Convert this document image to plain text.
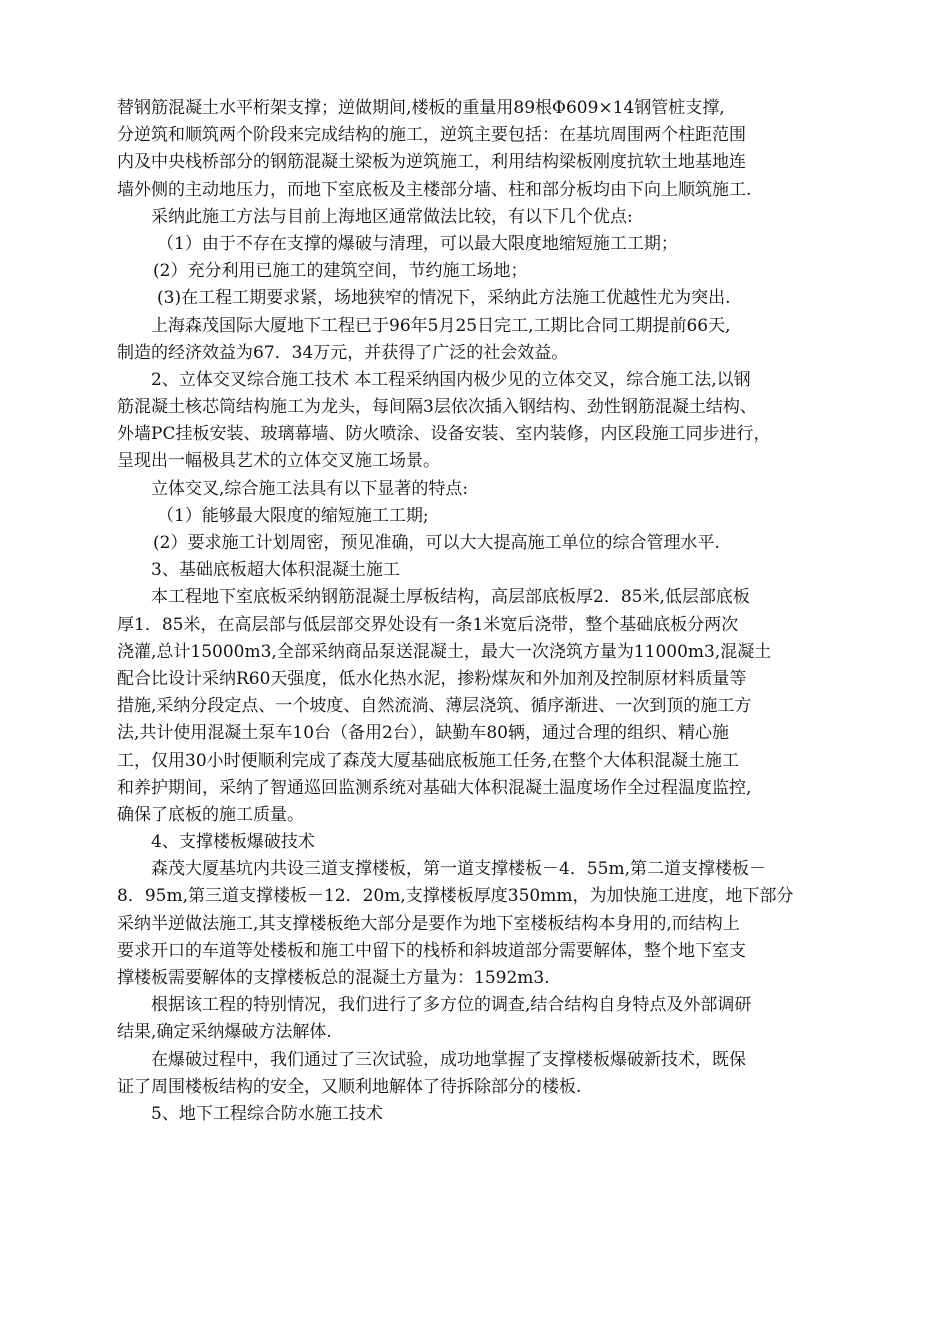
替钢筋混凝土水平桁架支撑；逆做期间,楼板的重量用89根Φ609×14钢管桩支撑,
分逆筑和顺筑两个阶段来完成结构的施工，逆筑主要包括：在基坑周围两个柱距范围
内及中央栈桥部分的钢筋混凝土梁板为逆筑施工，利用结构梁板刚度抗软土地基地连
墙外侧的主动地压力，而地下室底板及主楼部分墙、柱和部分板均由下向上顺筑施工.
采纳此施工方法与目前上海地区通常做法比较，有以下几个优点:
（1）由于不存在支撑的爆破与清理，可以最大限度地缩短施工工期；
(2）充分利用已施工的建筑空间，节约施工场地；
(3)在工程工期要求紧，场地狭窄的情况下，采纳此方法施工优越性尤为突出.
上海森茂国际大厦地下工程已于96年5月25日完工,工期比合同工期提前66天,
制造的经济效益为67．34万元，并获得了广泛的社会效益。
2、立体交叉综合施工技术 本工程采纳国内极少见的立体交叉，综合施工法,以钢
筋混凝土核芯筒结构施工为龙头，每间隔3层依次插入钢结构、劲性钢筋混凝土结构、
外墙PC挂板安装、玻璃幕墙、防火喷涂、设备安装、室内装修，内区段施工同步进行，
呈现出一幅极具艺术的立体交叉施工场景。
立体交叉,综合施工法具有以下显著的特点:
（1）能够最大限度的缩短施工工期;
(2）要求施工计划周密，预见准确，可以大大提高施工单位的综合管理水平.
3、基础底板超大体积混凝土施工
本工程地下室底板采纳钢筋混凝土厚板结构，高层部底板厚2．85米,低层部底板
厚1．85米，在高层部与低层部交界处设有一条1米宽后浇带，整个基础底板分两次
浇灌,总计15000m3,全部采纳商品泵送混凝土，最大一次浇筑方量为11000m3,混凝土
配合比设计采纳R60天强度，低水化热水泥，掺粉煤灰和外加剂及控制原材料质量等
措施,采纳分段定点、一个坡度、自然流淌、薄层浇筑、循序渐进、一次到顶的施工方
法,共计使用混凝土泵车10台（备用2台），缺勤车80辆，通过合理的组织、精心施
工，仅用30小时便顺利完成了森茂大厦基础底板施工任务,在整个大体积混凝土施工
和养护期间，采纳了智通巡回监测系统对基础大体积混凝土温度场作全过程温度监控,
确保了底板的施工质量。
4、支撑楼板爆破技术
森茂大厦基坑内共设三道支撑楼板，第一道支撑楼板－4．55m,第二道支撑楼板－
8．95m,第三道支撑楼板－12．20m,支撑楼板厚度350mm，为加快施工进度，地下部分
采纳半逆做法施工,其支撑楼板绝大部分是要作为地下室楼板结构本身用的,而结构上
要求开口的车道等处楼板和施工中留下的栈桥和斜坡道部分需要解体，整个地下室支
撑楼板需要解体的支撑楼板总的混凝土方量为：1592m3.
根据该工程的特别情况，我们进行了多方位的调查,结合结构自身特点及外部调研
结果,确定采纳爆破方法解体.
在爆破过程中，我们通过了三次试验，成功地掌握了支撑楼板爆破新技术，既保
证了周围楼板结构的安全，又顺利地解体了待拆除部分的楼板.
5、地下工程综合防水施工技术
